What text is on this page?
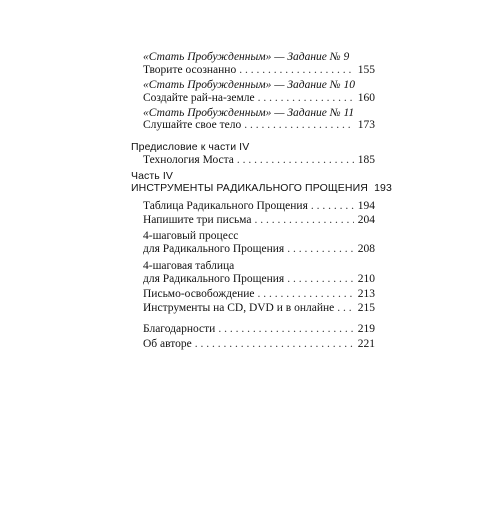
«Стать Пробужденным» — Задание № 9
Творите осознанно . . .	155
«Стать Пробужденным» — Задание № 10
Создайте рай-на-земле . . .	160
«Стать Пробужденным» — Задание № 11
Слушайте свое тело . . .	173
Предисловие к части IV
Технология Моста . . .	185
Часть IV
ИНСТРУМЕНТЫ РАДИКАЛЬНОГО ПРОЩЕНИЯ 193
Таблица Радикального Прощения . . .	194
Напишите три письма . . .	204
4-шаговый процесс
для Радикального Прощения . . .	208
4-шаговая таблица
для Радикального Прощения . . .	210
Письмо-освобождение . . .	213
Инструменты на CD, DVD и в онлайне . . . 215
Благодарности . . .	219
Об авторе . . .	221
